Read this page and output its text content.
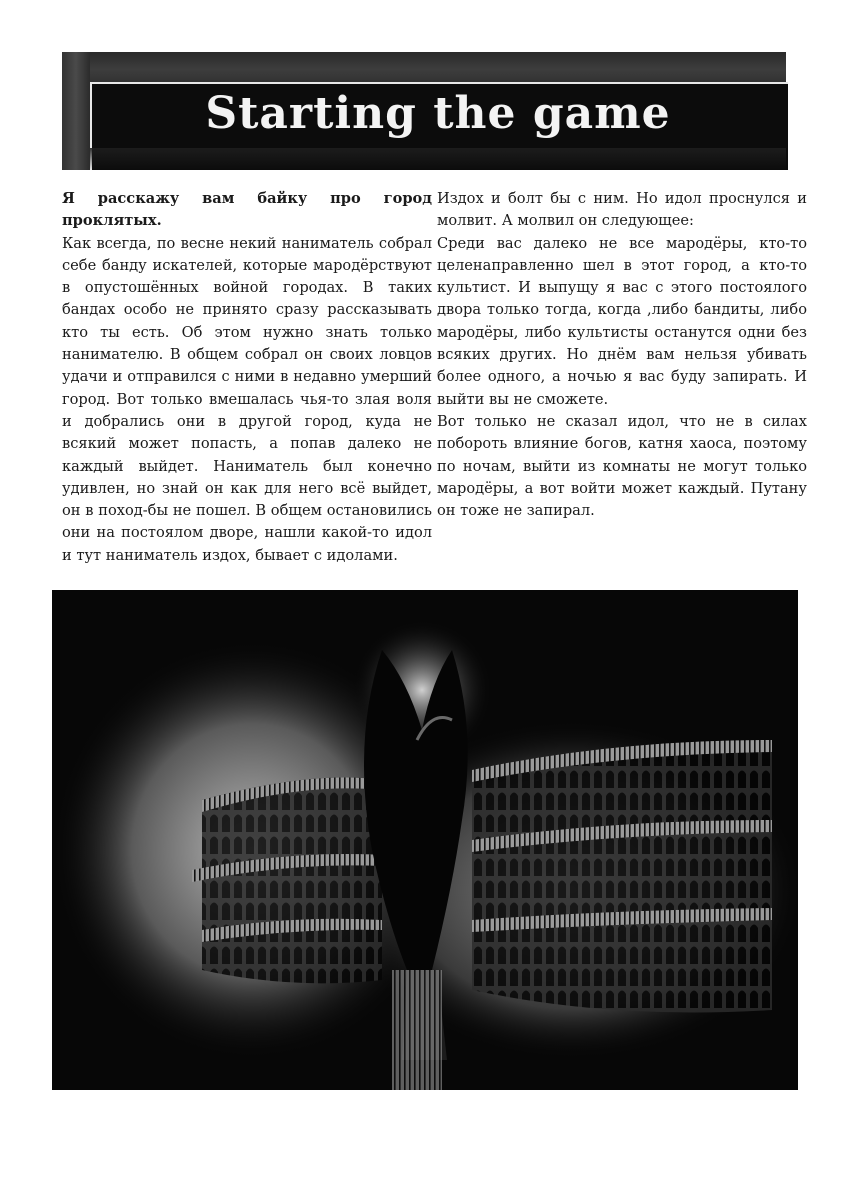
Starting the game

Я расскажу вам байку про город проклятых.

Как всегда, по весне некий наниматель собрал себе банду искателей, которые мародёрствуют в опустошённых войной городах. В таких бандах особо не принято сразу рассказывать кто ты есть. Об этом нужно знать только нанимателю. В общем собрал он своих ловцов удачи и отправился с ними в недавно умерший город. Вот только вмешалась чья-то злая воля и добрались они в другой город, куда не всякий может попасть, а попав далеко не каждый выйдет. Наниматель был конечно удивлен, но знай он как для него всё выйдет, он в поход-бы не пошел. В общем остановились они на постоялом дворе, нашли какой-то идол и тут наниматель издох, бывает с идолами.

Издох и болт бы с ним. Но идол проснулся и молвит. А молвил он следующее:

Среди вас далеко не все мародёры, кто-то целенаправленно шел в этот город, а кто-то культист. И выпущу я вас с этого постоялого двора только тогда, когда ,либо бандиты, либо мародёры, либо культисты останутся одни без всяких других. Но днём вам нельзя убивать более одного, а ночью я вас буду запирать. И выйти вы не сможете.

Вот только не сказал идол, что не в силах побороть влияние богов, катня хаоса, поэтому по ночам, выйти из комнаты не могут только мародёры, а вот войти может каждый. Путану он тоже не запирал.
